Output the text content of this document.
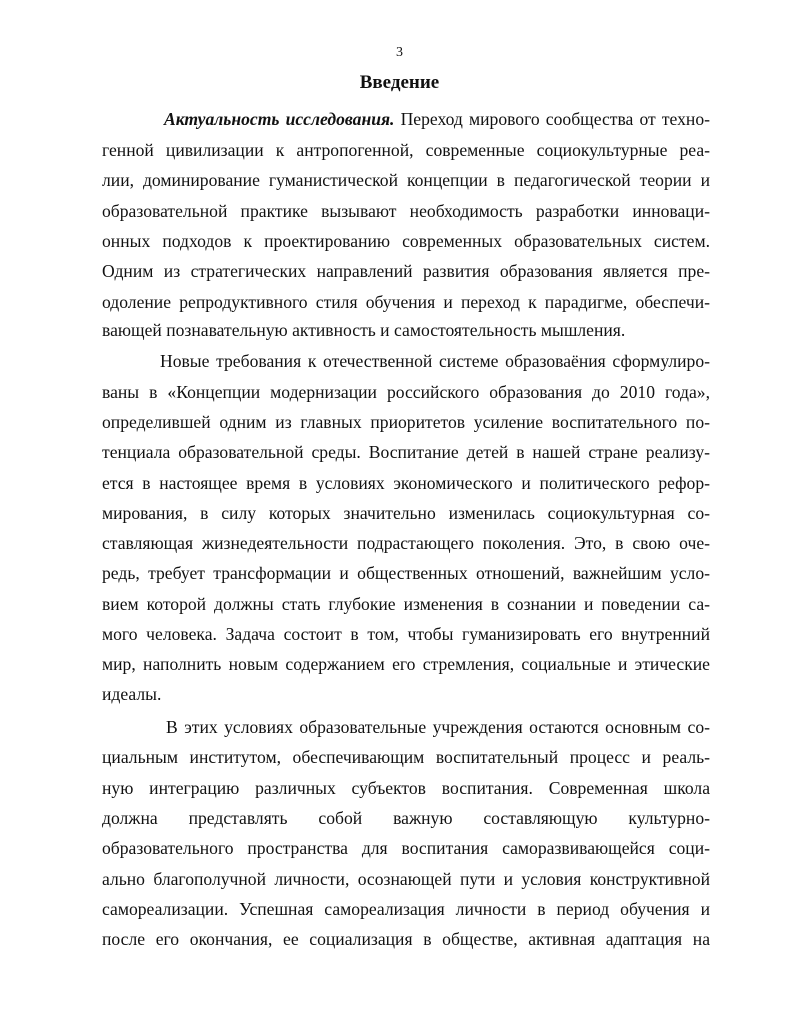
3
Введение
Актуальность исследования. Переход мирового сообщества от техно-
генной цивилизации к антропогенной, современные социокультурные реа-
лии, доминирование гуманистической концепции в педагогической теории и
образовательной практике вызывают необходимость разработки инноваци-
онных подходов к проектированию современных образовательных систем.
Одним из стратегических направлений развития образования является пре-
одоление репродуктивного стиля обучения и переход к парадигме, обеспечи-
вающей познавательную активность и самостоятельность мышления.
Новые требования к отечественной системе образоваёния сформулиро-
ваны в «Концепции модернизации российского образования до 2010 года»,
определившей одним из главных приоритетов усиление воспитательного по-
тенциала образовательной среды. Воспитание детей в нашей стране реализу-
ется в настоящее время в условиях экономического и политического рефор-
мирования, в силу которых значительно изменилась социокультурная со-
ставляющая жизнедеятельности подрастающего поколения. Это, в свою оче-
редь, требует трансформации и общественных отношений, важнейшим усло-
вием которой должны стать глубокие изменения в сознании и поведении са-
мого человека. Задача состоит в том, чтобы гуманизировать его внутренний
мир, наполнить новым содержанием его стремления, социальные и этические
идеалы.
В этих условиях образовательные учреждения остаются основным со-
циальным институтом, обеспечивающим воспитательный процесс и реаль-
ную интеграцию различных субъектов воспитания. Современная школа
должна представлять собой важную составляющую культурно-
образовательного пространства для воспитания саморазвивающейся соци-
ально благополучной личности, осознающей пути и условия конструктивной
самореализации. Успешная самореализация личности в период обучения и
после его окончания, ее социализация в обществе, активная адаптация на
